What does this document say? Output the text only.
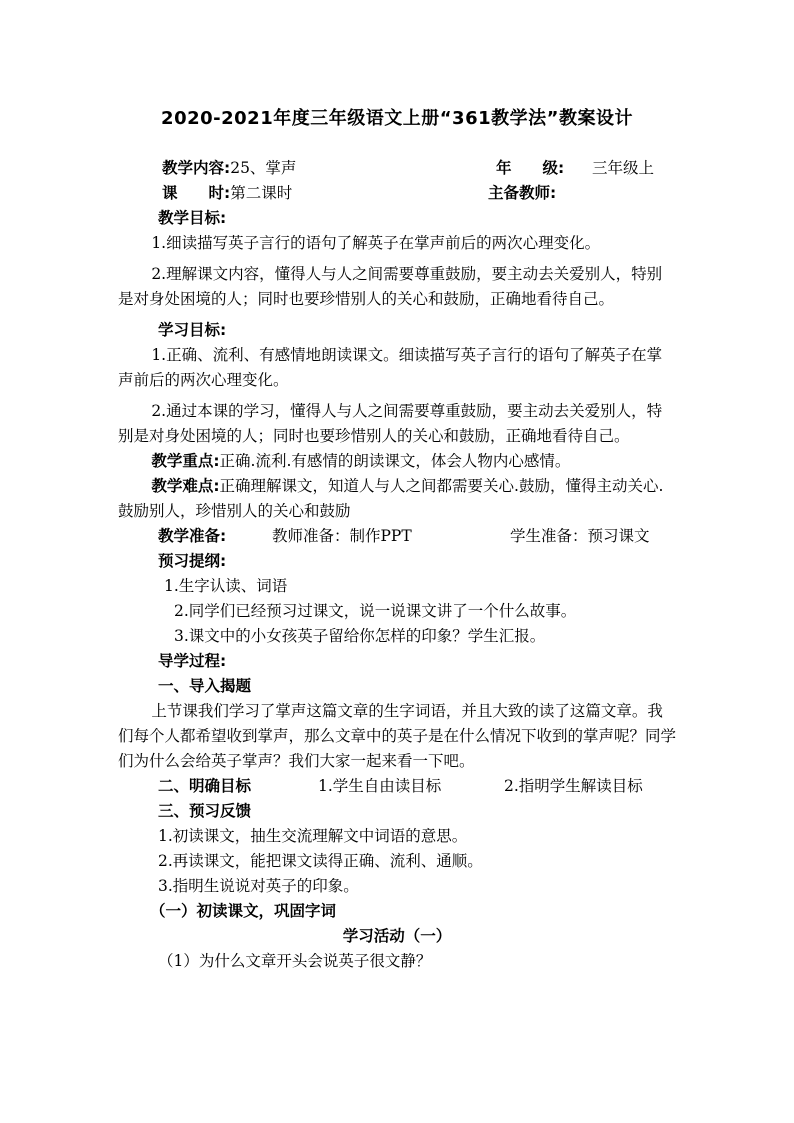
2020-2021年度三年级语文上册“361教学法”教案设计
教学内容: 25、掌声	年　　级: 三年级上
课　　时: 第二课时	主备教师:
教学目标:
1.细读描写英子言行的语句了解英子在掌声前后的两次心理变化。
2.理解课文内容，懂得人与人之间需要尊重鼓励，要主动去关爱别人，特别是对身处困境的人；同时也要珍惜别人的关心和鼓励，正确地看待自己。
学习目标:
1.正确、流利、有感情地朗读课文。细读描写英子言行的语句了解英子在掌声前后的两次心理变化。
2.通过本课的学习，懂得人与人之间需要尊重鼓励，要主动去关爱别人，特别是对身处困境的人；同时也要珍惜别人的关心和鼓励，正确地看待自己。
教学重点:正确.流利.有感情的朗读课文，体会人物内心感情。
教学难点:正确理解课文，知道人与人之间都需要关心.鼓励，懂得主动关心.鼓励别人，珍惜别人的关心和鼓励
教学准备:	教师准备：制作PPT	学生准备：预习课文
预习提纲:
1.生字认读、词语
2.同学们已经预习过课文，说一说课文讲了一个什么故事。
3.课文中的小女孩英子留给你怎样的印象？学生汇报。
导学过程:
一、导入揭题
上节课我们学习了掌声这篇文章的生字词语，并且大致的读了这篇文章。我们每个人都希望收到掌声，那么文章中的英子是在什么情况下收到的掌声呢？同学们为什么会给英子掌声？我们大家一起来看一下吧。
二、明确目标	1.学生自由读目标	2.指明学生解读目标
三、预习反馈
1.初读课文，抽生交流理解文中词语的意思。
2.再读课文，能把课文读得正确、流利、通顺。
3.指明生说说对英子的印象。
（一）初读课文，巩固字词
学习活动（一）
（1）为什么文章开头会说英子很文静？
